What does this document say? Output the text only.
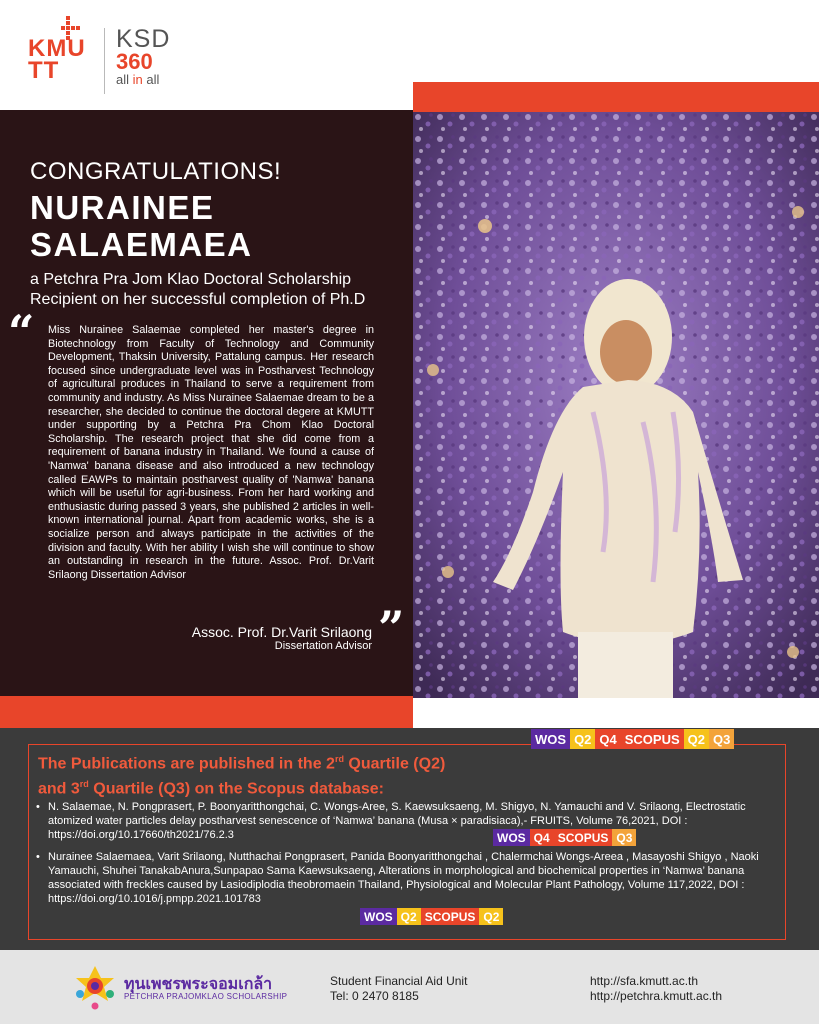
KMUTT
KSD
360
all in all
CONGRATULATIONS!
NURAINEE
SALAEMAEA
a Petchra Pra Jom Klao Doctoral Scholarship Recipient on her successful completion of Ph.D
“ Miss Nurainee Salaemae completed her master's degree in Biotechnology from Faculty of Technology and Community Development, Thaksin University, Pattalung campus. Her research focused since undergraduate level was in Postharvest Technology of agricultural produces in Thailand to serve a requirement from community and industry. As Miss Nurainee Salaemae dream to be a researcher, she decided to continue the doctoral degere at KMUTT under supporting by a Petchra Pra Chom Klao Doctoral Scholarship. The research project that she did come from a requirement of banana industry in Thailand. We found a cause of 'Namwa' banana disease and also introduced a new technology called EAWPs to maintain postharvest quality of 'Namwa' banana which will be useful for agri-business. From her hard working and enthusiastic during passed 3 years, she published 2 articles in well-known international journal. Apart from academic works, she is a socialize person and always participate in the activities of the division and faculty. With her ability I wish she will continue to show an outstanding in research in the future. Assoc. Prof. Dr.Varit Srilaong Dissertation Advisor
Assoc. Prof. Dr.Varit Srilaong
Dissertation Advisor ”
WOS Q2 Q4 SCOPUS Q2 Q3
The Publications are published in the 2rd Quartile (Q2)
and 3rd Quartile (Q3) on the Scopus database:
• N. Salaemae, N. Pongprasert, P. Boonyaritthongchai, C. Wongs-Aree, S. Kaewsuksaeng, M. Shigyo, N. Yamauchi and V. Srilaong, Electrostatic atomized water particles delay postharvest senescence of ‘Namwa’ banana (Musa × paradisiaca),- FRUITS, Volume 76,2021, DOI : https://doi.org/10.17660/th2021/76.2.3
• Nurainee Salaemaea, Varit Srilaong, Nutthachai Pongprasert, Panida Boonyaritthongchai , Chalermchai Wongs-Areea , Masayoshi Shigyo , Naoki Yamauchi, Shuhei TanakabAnura,Sunpapao Sama Kaewsuksaeng, Alterations in morphological and biochemical properties in ‘Namwa’ banana associated with freckles caused by Lasiodiplodia theobromaein Thailand, Physiological and Molecular Plant Pathology, Volume 117,2022, DOI : https://doi.org/10.1016/j.pmpp.2021.101783
WOS Q4 SCOPUS Q3
WOS Q2 SCOPUS Q2
ทุนเพชรพระจอมเกล้า
PETCHRA PRAJOMKLAO SCHOLARSHIP
Student Financial Aid Unit
Tel: 0 2470 8185
http://sfa.kmutt.ac.th
http://petchra.kmutt.ac.th
